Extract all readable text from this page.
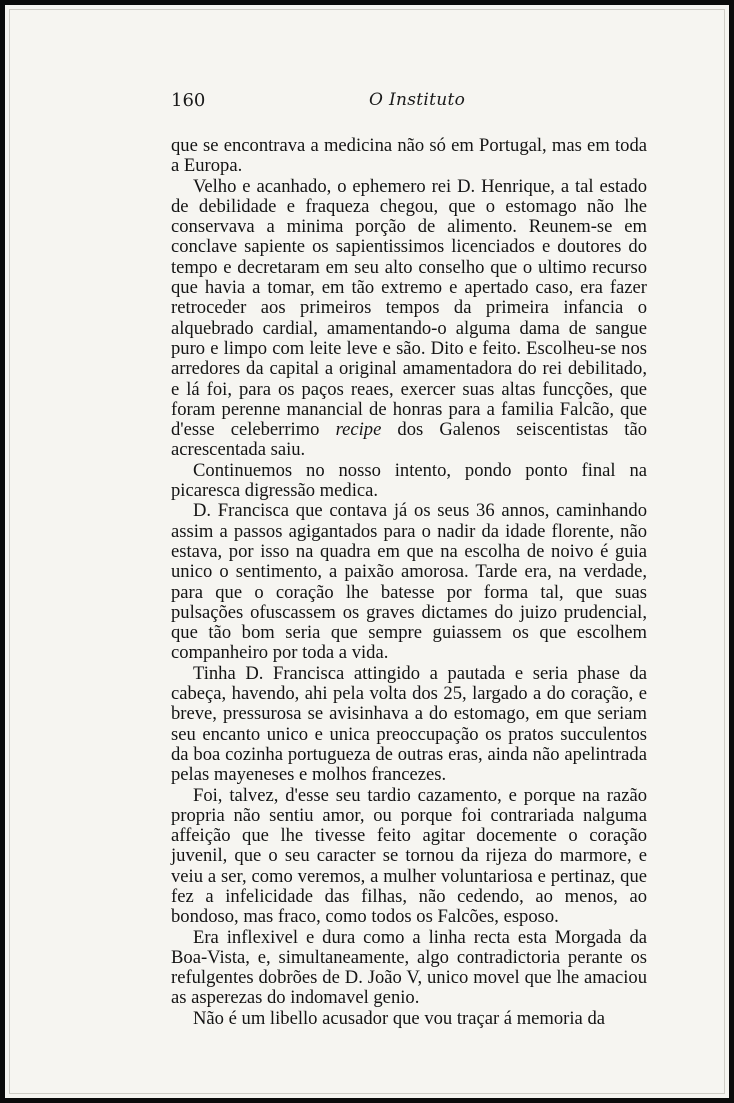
160	O Instituto

que se encontrava a medicina não só em Portugal, mas em toda a Europa.

Velho e acanhado, o ephemero rei D. Henrique, a tal estado de debilidade e fraqueza chegou, que o estomago não lhe conservava a minima porção de alimento. Reunem-se em conclave sapiente os sapientissimos licenciados e doutores do tempo e decretaram em seu alto conselho que o ultimo recurso que havia a tomar, em tão extremo e apertado caso, era fazer retroceder aos primeiros tempos da primeira infancia o alquebrado cardial, amamentando-o alguma dama de sangue puro e limpo com leite leve e são. Dito e feito. Escolheu-se nos arredores da capital a original amamentadora do rei debilitado, e lá foi, para os paços reaes, exercer suas altas funcções, que foram perenne manancial de honras para a familia Falcão, que d'esse celeberrimo recipe dos Galenos seiscentistas tão acrescentada saiu.

Continuemos no nosso intento, pondo ponto final na picaresca digressão medica.

D. Francisca que contava já os seus 36 annos, caminhando assim a passos agigantados para o nadir da idade florente, não estava, por isso na quadra em que na escolha de noivo é guia unico o sentimento, a paixão amorosa. Tarde era, na verdade, para que o coração lhe batesse por forma tal, que suas pulsações ofuscassem os graves dictames do juizo prudencial, que tão bom seria que sempre guiassem os que escolhem companheiro por toda a vida.

Tinha D. Francisca attingido a pautada e seria phase da cabeça, havendo, ahi pela volta dos 25, largado a do coração, e breve, pressurosa se avisinhava a do estomago, em que seriam seu encanto unico e unica preoccupação os pratos succulentos da boa cozinha portugueza de outras eras, ainda não apelintrada pelas mayeneses e molhos francezes.

Foi, talvez, d'esse seu tardio cazamento, e porque na razão propria não sentiu amor, ou porque foi contrariada nalguma affeição que lhe tivesse feito agitar docemente o coração juvenil, que o seu caracter se tornou da rijeza do marmore, e veiu a ser, como veremos, a mulher voluntariosa e pertinaz, que fez a infelicidade das filhas, não cedendo, ao menos, ao bondoso, mas fraco, como todos os Falcões, esposo.

Era inflexivel e dura como a linha recta esta Morgada da Boa-Vista, e, simultaneamente, algo contradictoria perante os refulgentes dobrões de D. João V, unico movel que lhe amaciou as asperezas do indomavel genio.

Não é um libello acusador que vou traçar á memoria da
